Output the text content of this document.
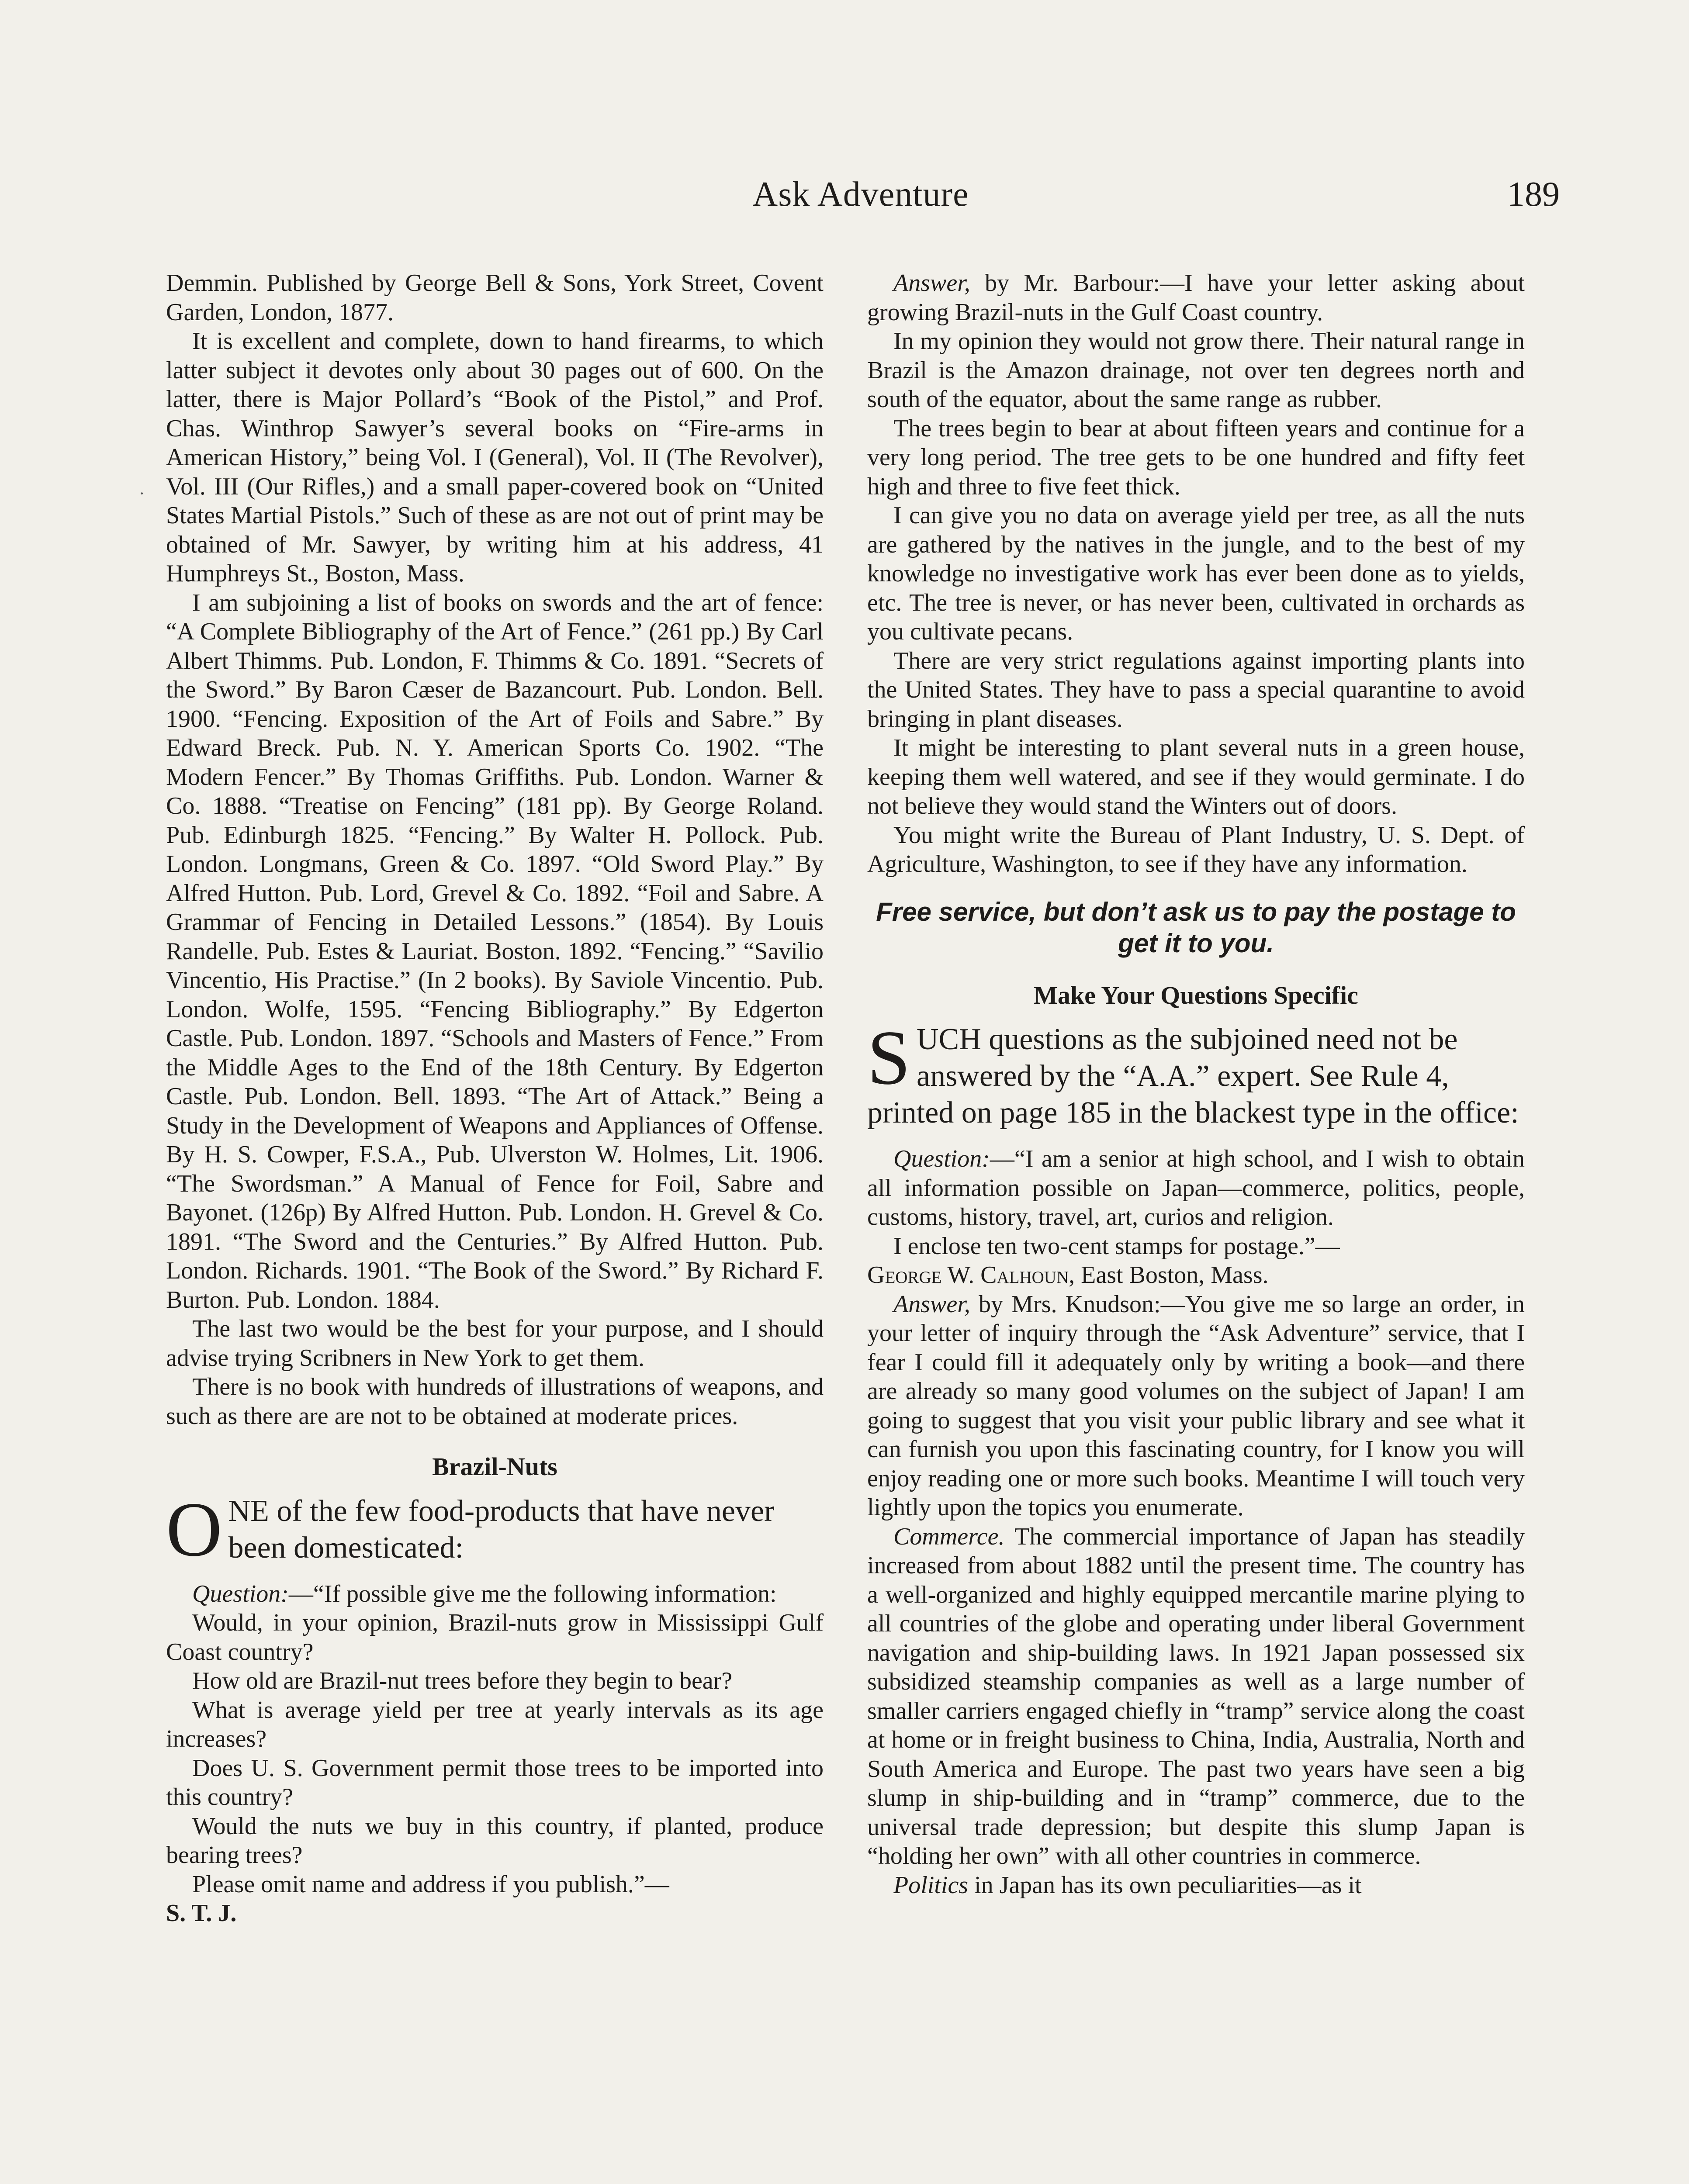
Ask Adventure	189
·

Demmin. Published by George Bell & Sons, York Street, Covent Garden, London, 1877.

It is excellent and complete, down to hand firearms, to which latter subject it devotes only about 30 pages out of 600. On the latter, there is Major Pollard’s “Book of the Pistol,” and Prof. Chas. Winthrop Sawyer’s several books on “Fire-arms in American History,” being Vol. I (General), Vol. II (The Revolver), Vol. III (Our Rifles,) and a small paper-covered book on “United States Martial Pistols.” Such of these as are not out of print may be obtained of Mr. Sawyer, by writing him at his address, 41 Humphreys St., Boston, Mass.

I am subjoining a list of books on swords and the art of fence: “A Complete Bibliography of the Art of Fence.” (261 pp.) By Carl Albert Thimms. Pub. London, F. Thimms & Co. 1891. “Secrets of the Sword.” By Baron Cæser de Bazancourt. Pub. London. Bell. 1900. “Fencing. Exposition of the Art of Foils and Sabre.” By Edward Breck. Pub. N. Y. American Sports Co. 1902. “The Modern Fencer.” By Thomas Griffiths. Pub. London. Warner & Co. 1888. “Treatise on Fencing” (181 pp). By George Roland. Pub. Edinburgh 1825. “Fencing.” By Walter H. Pollock. Pub. London. Longmans, Green & Co. 1897. “Old Sword Play.” By Alfred Hutton. Pub. Lord, Grevel & Co. 1892. “Foil and Sabre. A Grammar of Fencing in Detailed Lessons.” (1854). By Louis Randelle. Pub. Estes & Lauriat. Boston. 1892. “Fencing.” “Savilio Vincentio, His Practise.” (In 2 books). By Saviole Vincentio. Pub. London. Wolfe, 1595. “Fencing Bibliography.” By Edgerton Castle. Pub. London. 1897. “Schools and Masters of Fence.” From the Middle Ages to the End of the 18th Century. By Edgerton Castle. Pub. London. Bell. 1893. “The Art of Attack.” Being a Study in the Development of Weapons and Appliances of Offense. By H. S. Cowper, F.S.A., Pub. Ulverston W. Holmes, Lit. 1906. “The Swordsman.” A Manual of Fence for Foil, Sabre and Bayonet. (126p) By Alfred Hutton. Pub. London. H. Grevel & Co. 1891. “The Sword and the Centuries.” By Alfred Hutton. Pub. London. Richards. 1901. “The Book of the Sword.” By Richard F. Burton. Pub. London. 1884.

The last two would be the best for your purpose, and I should advise trying Scribners in New York to get them.

There is no book with hundreds of illustrations of weapons, and such as there are are not to be obtained at moderate prices.

Brazil-Nuts
O NE of the few food-products that have never been domesticated:

Question:—“If possible give me the following information:

Would, in your opinion, Brazil-nuts grow in Mississippi Gulf Coast country?

How old are Brazil-nut trees before they begin to bear?

What is average yield per tree at yearly intervals as its age increases?

Does U. S. Government permit those trees to be imported into this country?

Would the nuts we buy in this country, if planted, produce bearing trees?

Please omit name and address if you publish.”—

S. T. J.

Answer, by Mr. Barbour:—I have your letter asking about growing Brazil-nuts in the Gulf Coast country.

In my opinion they would not grow there. Their natural range in Brazil is the Amazon drainage, not over ten degrees north and south of the equator, about the same range as rubber.

The trees begin to bear at about fifteen years and continue for a very long period. The tree gets to be one hundred and fifty feet high and three to five feet thick.

I can give you no data on average yield per tree, as all the nuts are gathered by the natives in the jungle, and to the best of my knowledge no investigative work has ever been done as to yields, etc. The tree is never, or has never been, cultivated in orchards as you cultivate pecans.

There are very strict regulations against importing plants into the United States. They have to pass a special quarantine to avoid bringing in plant diseases.

It might be interesting to plant several nuts in a green house, keeping them well watered, and see if they would germinate. I do not believe they would stand the Winters out of doors.

You might write the Bureau of Plant Industry, U. S. Dept. of Agriculture, Washington, to see if they have any information.

Free service, but don’t ask us to pay the postage to get it to you.
Make Your Questions Specific
S UCH questions as the subjoined need not be answered by the “A.A.” expert. See Rule 4, printed on page 185 in the blackest type in the office:

Question:—“I am a senior at high school, and I wish to obtain all information possible on Japan—commerce, politics, people, customs, history, travel, art, curios and religion.

I enclose ten two-cent stamps for postage.”—

George W. Calhoun, East Boston, Mass.

Answer, by Mrs. Knudson:—You give me so large an order, in your letter of inquiry through the “Ask Adventure” service, that I fear I could fill it adequately only by writing a book—and there are already so many good volumes on the subject of Japan! I am going to suggest that you visit your public library and see what it can furnish you upon this fascinating country, for I know you will enjoy reading one or more such books. Meantime I will touch very lightly upon the topics you enumerate.

Commerce. The commercial importance of Japan has steadily increased from about 1882 until the present time. The country has a well-organized and highly equipped mercantile marine plying to all countries of the globe and operating under liberal Government navigation and ship-building laws. In 1921 Japan possessed six subsidized steamship companies as well as a large number of smaller carriers engaged chiefly in “tramp” service along the coast at home or in freight business to China, India, Australia, North and South America and Europe. The past two years have seen a big slump in ship-building and in “tramp” commerce, due to the universal trade depression; but despite this slump Japan is “holding her own” with all other countries in commerce.

Politics in Japan has its own peculiarities—as it
